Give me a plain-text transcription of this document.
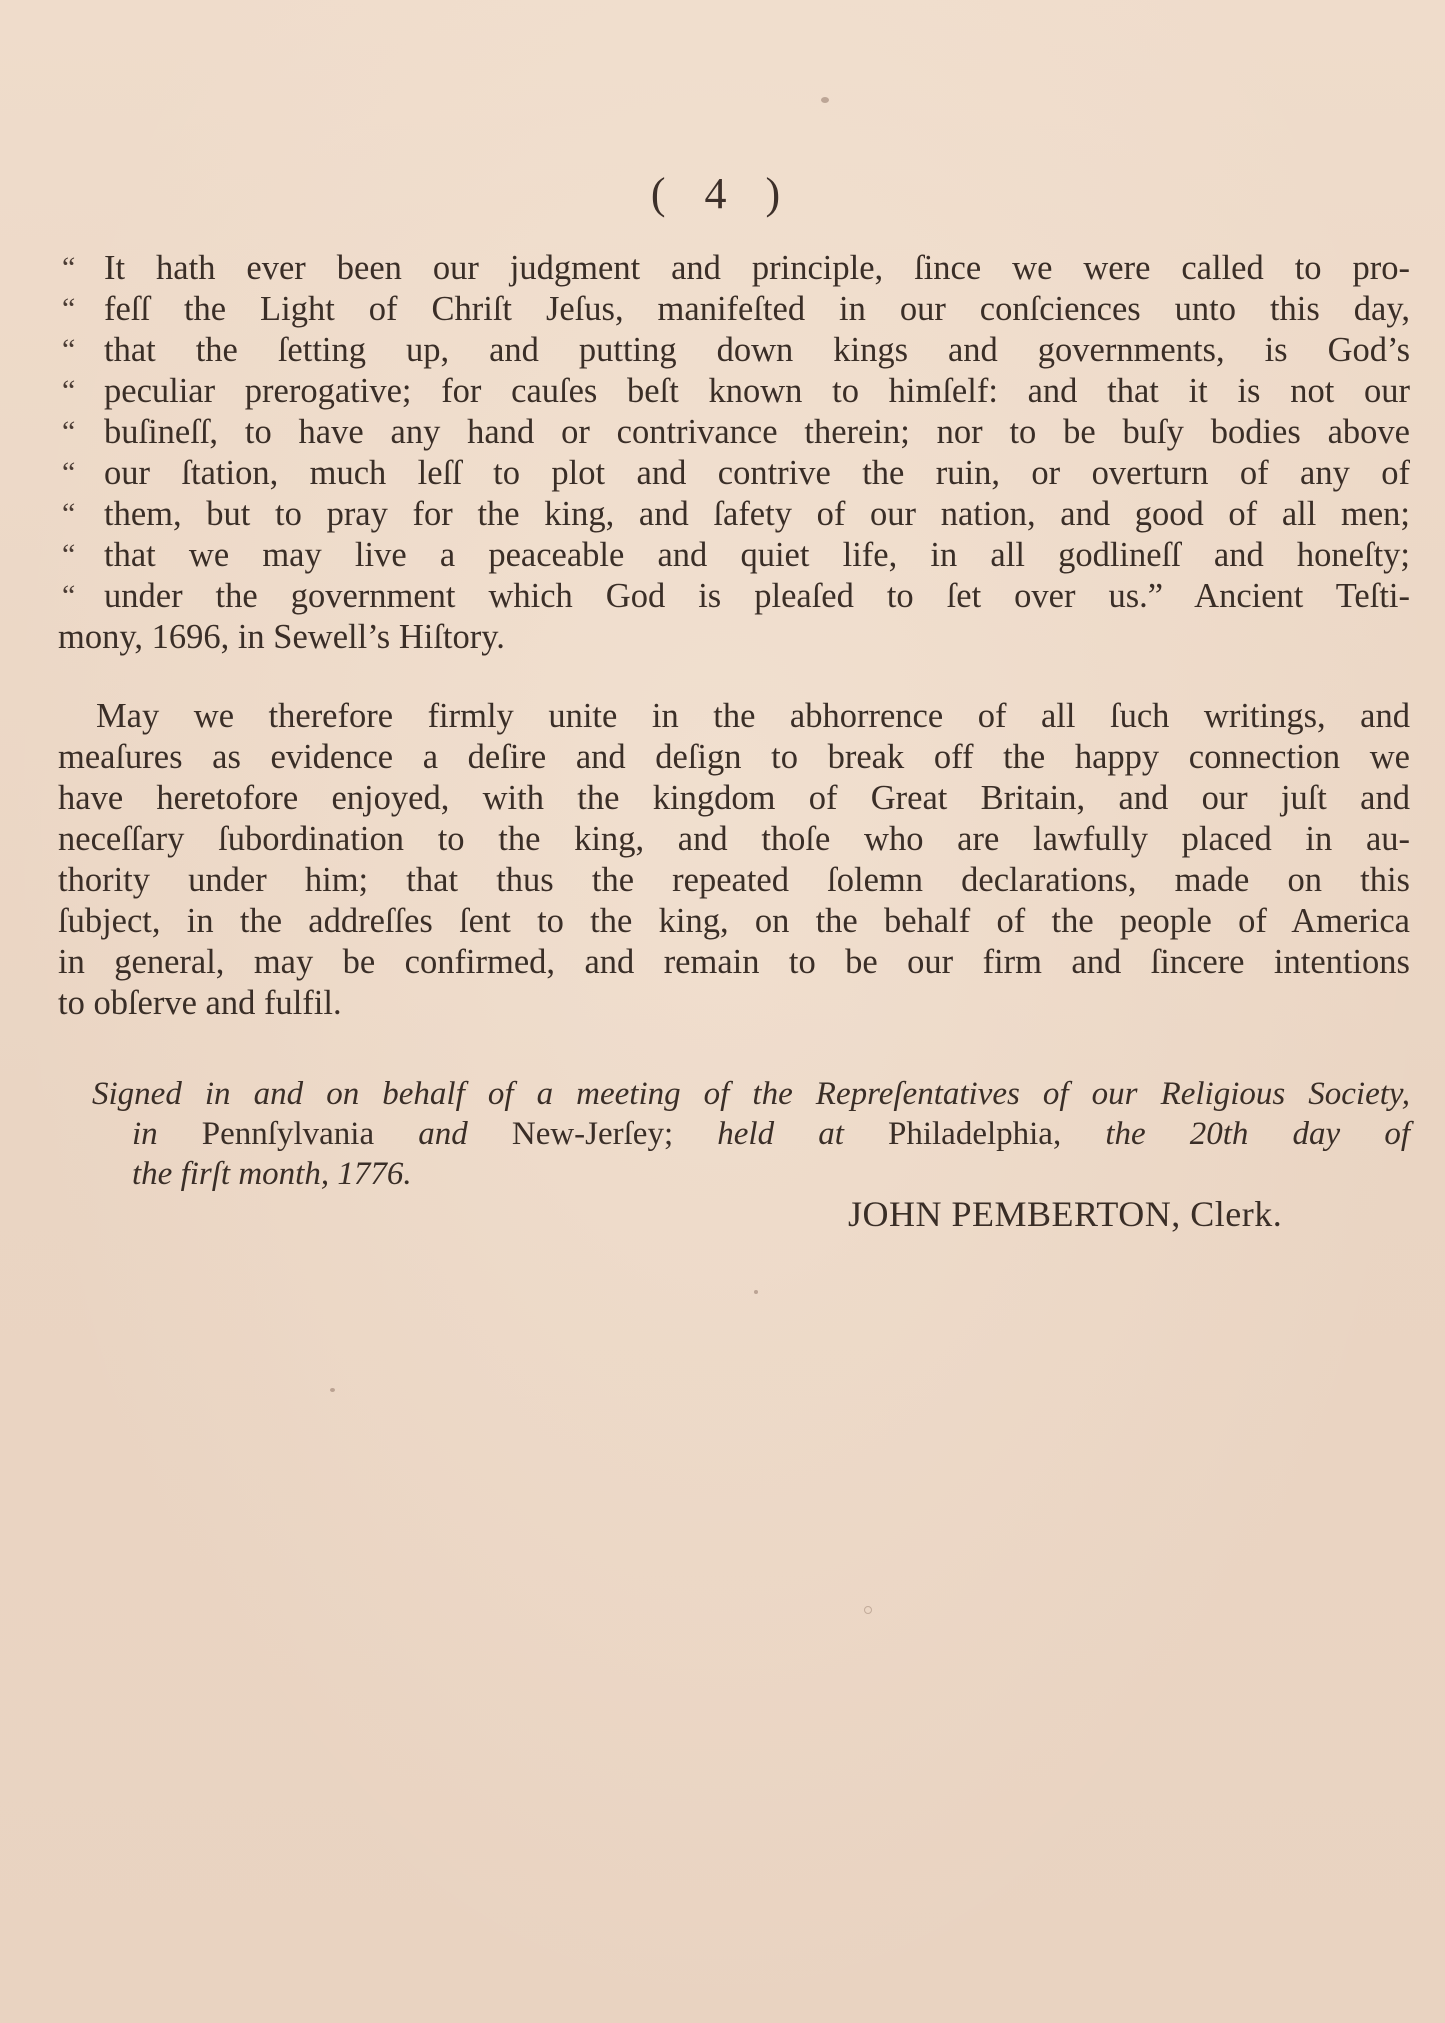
( 4 )
“ It hath ever been our judgment and principle, ſince we were called to pro-
“ feſſ the Light of Chriſt Jeſus, manifeſted in our conſciences unto this day,
“ that the ſetting up, and putting down kings and governments, is God’s
“ peculiar prerogative; for cauſes beſt known to himſelf: and that it is not our
“ buſineſſ, to have any hand or contrivance therein; nor to be buſy bodies above
“ our ſtation, much leſſ to plot and contrive the ruin, or overturn of any of
“ them, but to pray for the king, and ſafety of our nation, and good of all men;
“ that we may live a peaceable and quiet life, in all godlineſſ and honeſty;
“ under the government which God is pleaſed to ſet over us.” Ancient Teſti-
mony, 1696, in Sewell’s Hiſtory.
May we therefore firmly unite in the abhorrence of all ſuch writings, and
meaſures as evidence a deſire and deſign to break off the happy connection we
have heretofore enjoyed, with the kingdom of Great Britain, and our juſt and
neceſſary ſubordination to the king, and thoſe who are lawfully placed in au-
thority under him; that thus the repeated ſolemn declarations, made on this
ſubject, in the addreſſes ſent to the king, on the behalf of the people of America
in general, may be confirmed, and remain to be our firm and ſincere intentions
to obſerve and fulfil.
Signed in and on behalf of a meeting of the Repreſentatives of our Religious Society,
in Pennſylvania and New-Jerſey; held at Philadelphia, the 20th day of
the firſt month, 1776.
JOHN PEMBERTON, Clerk.
